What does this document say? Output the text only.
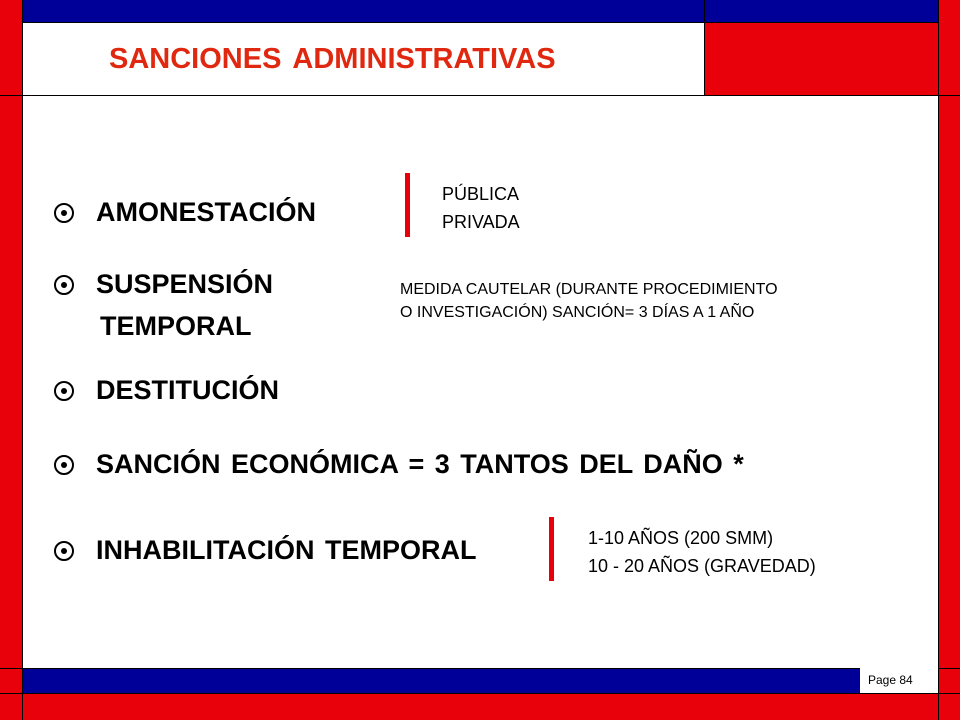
SANCIONES ADMINISTRATIVAS
AMONESTACIÓN
SUSPENSIÓN
TEMPORAL
DESTITUCIÓN
SANCIÓN ECONÓMICA = 3 TANTOS DEL DAÑO *
INHABILITACIÓN TEMPORAL
PÚBLICA
PRIVADA
MEDIDA CAUTELAR (DURANTE PROCEDIMIENTO
O INVESTIGACIÓN) SANCIÓN= 3 DÍAS A 1 AÑO
1-10 AÑOS (200 SMM)
10 - 20 AÑOS (GRAVEDAD)
Page 84
